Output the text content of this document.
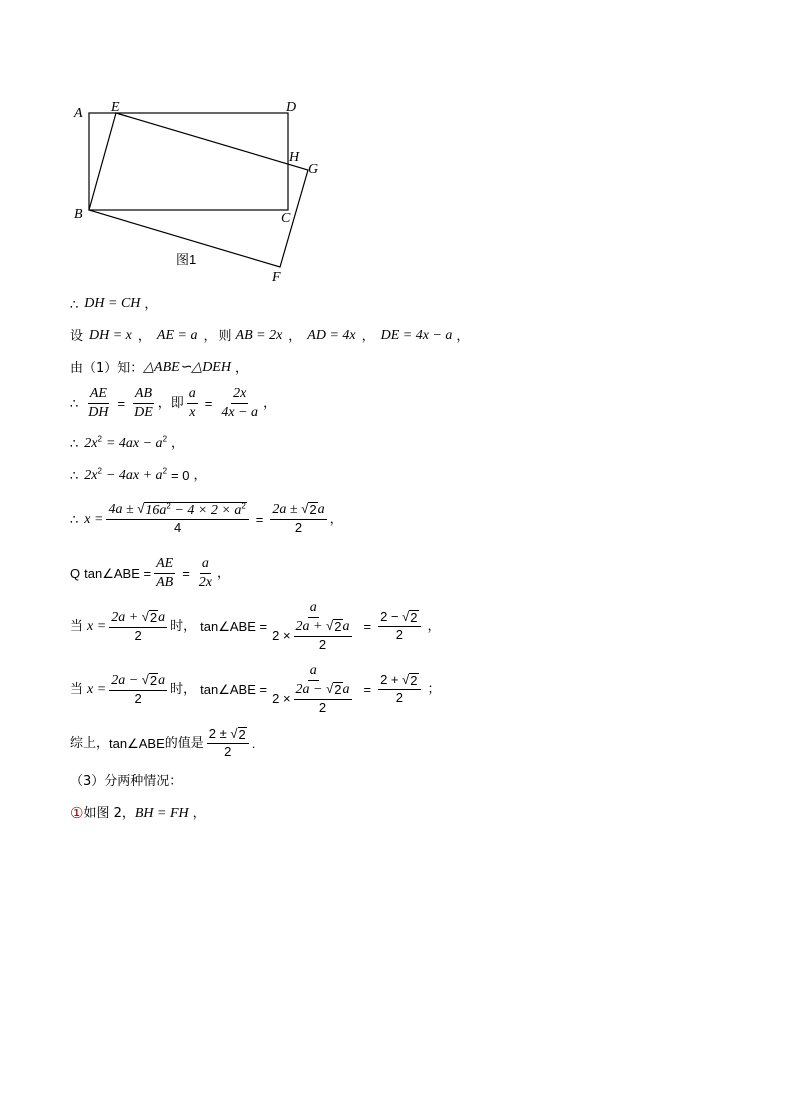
A E	D
H
G
B	C
F
图1
∴ DH = CH ，
设 DH = x ， AE = a ， 则 AB = 2x ， AD = 4x ， DE = 4x − a ，
由（1）知： △ABE∽△DEH ，
∴ $\frac{AE}{DH} = \frac{AB}{DE}$ ，即 $\frac{a}{x} = \frac{2x}{4x - a}$ ，
∴ $2x^2 = 4ax - a^2$ ，
∴ $2x^2 - 4ax + a^2 = 0$ ，
∴ $x = \frac{4a \pm √ 16a^2 - 4 \times 2 \times a^2}{4} = \frac{2a \pm √ 2 a}{2}$ ，
Q tan∠ABE = $\frac{AE}{AB} = \frac{a}{2x}$ ，
当 $x = \frac{2a + √ 2 a}{2}$ 时， tan∠ABE = $\frac{a}{2 \times \frac{2a + √ 2 a}{2}} = \frac{2 - √ 2}{2}$ ，
当 $x = \frac{2a - √ 2 a}{2}$ 时， tan∠ABE = $\frac{a}{2 \times \frac{2a - √ 2 a}{2}} = \frac{2 + √ 2}{2}$ ；
综上， tan∠ABE 的值是 $\frac{2 \pm √ 2}{2}$ .
（3）分两种情况：
① 如图 2， BH = FH ，
